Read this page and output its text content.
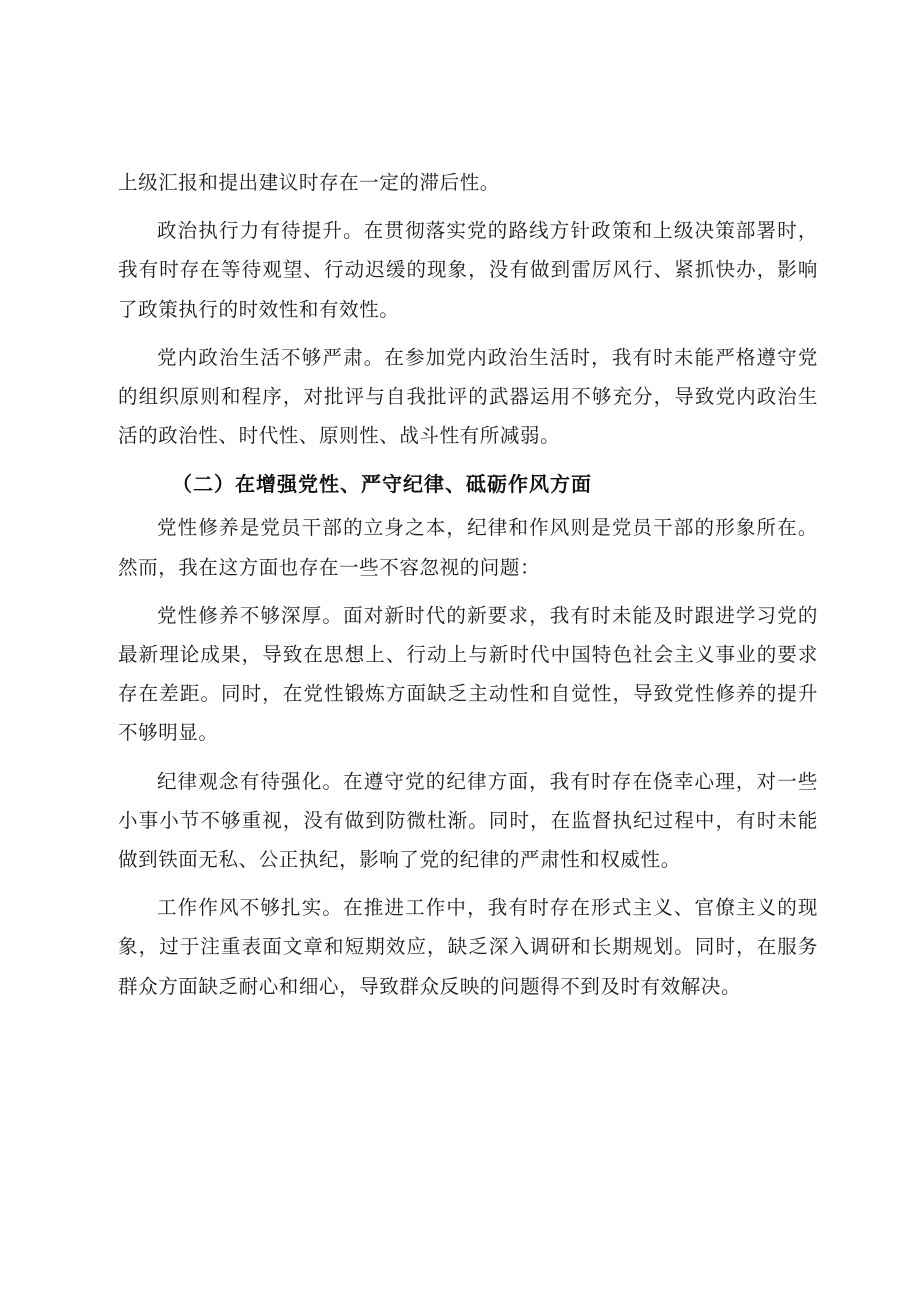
上级汇报和提出建议时存在一定的滞后性。

政治执行力有待提升。在贯彻落实党的路线方针政策和上级决策部署时，我有时存在等待观望、行动迟缓的现象，没有做到雷厉风行、紧抓快办，影响了政策执行的时效性和有效性。

党内政治生活不够严肃。在参加党内政治生活时，我有时未能严格遵守党的组织原则和程序，对批评与自我批评的武器运用不够充分，导致党内政治生活的政治性、时代性、原则性、战斗性有所减弱。

（二）在增强党性、严守纪律、砥砺作风方面

党性修养是党员干部的立身之本，纪律和作风则是党员干部的形象所在。然而，我在这方面也存在一些不容忽视的问题：

党性修养不够深厚。面对新时代的新要求，我有时未能及时跟进学习党的最新理论成果，导致在思想上、行动上与新时代中国特色社会主义事业的要求存在差距。同时，在党性锻炼方面缺乏主动性和自觉性，导致党性修养的提升不够明显。

纪律观念有待强化。在遵守党的纪律方面，我有时存在侥幸心理，对一些小事小节不够重视，没有做到防微杜渐。同时，在监督执纪过程中，有时未能做到铁面无私、公正执纪，影响了党的纪律的严肃性和权威性。

工作作风不够扎实。在推进工作中，我有时存在形式主义、官僚主义的现象，过于注重表面文章和短期效应，缺乏深入调研和长期规划。同时，在服务群众方面缺乏耐心和细心，导致群众反映的问题得不到及时有效解决。
